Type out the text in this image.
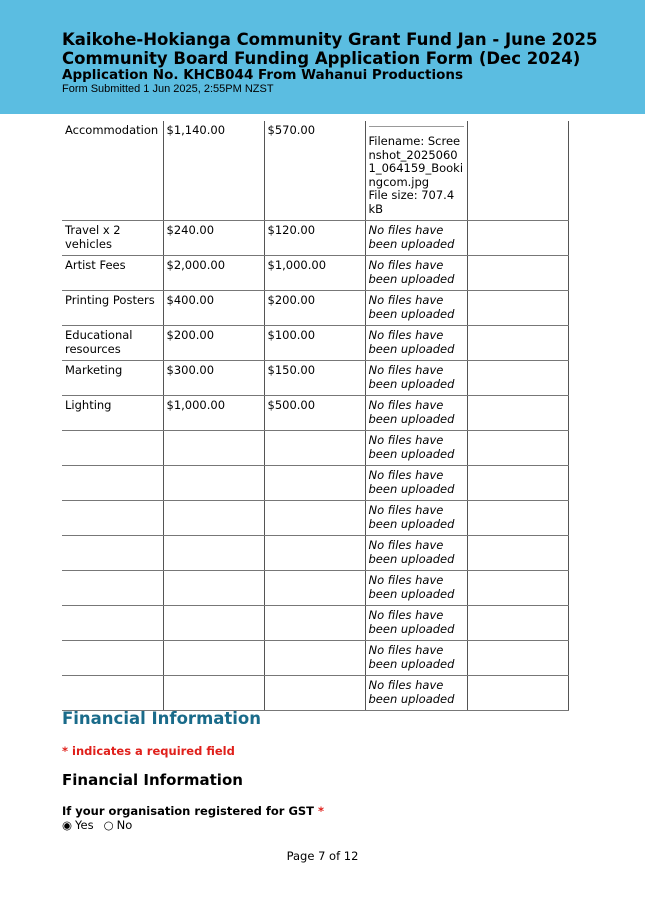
Kaikohe-Hokianga Community Grant Fund Jan - June 2025
Community Board Funding Application Form (Dec 2024)
Application No. KHCB044 From Wahanui Productions
Form Submitted 1 Jun 2025, 2:55PM NZST
Accommodation	$1,140.00	$570.00	Filename: Screenshot_20250601_064159_Bookingcom.jpg
File size: 707.4 kB	

Travel x 2 vehicles	$240.00	$120.00	No files have been uploaded	

Artist Fees	$2,000.00	$1,000.00	No files have been uploaded	

Printing Posters	$400.00	$200.00	No files have been uploaded	

Educational resources	$200.00	$100.00	No files have been uploaded	

Marketing	$300.00	$150.00	No files have been uploaded	

Lighting	$1,000.00	$500.00	No files have been uploaded	

			No files have been uploaded	

			No files have been uploaded	

			No files have been uploaded	

			No files have been uploaded	

			No files have been uploaded	

			No files have been uploaded	

			No files have been uploaded	

			No files have been uploaded	

Financial Information
* indicates a required field
Financial Information
If your organisation registered for GST *
◉ Yes ○ No
Page 7 of 12
